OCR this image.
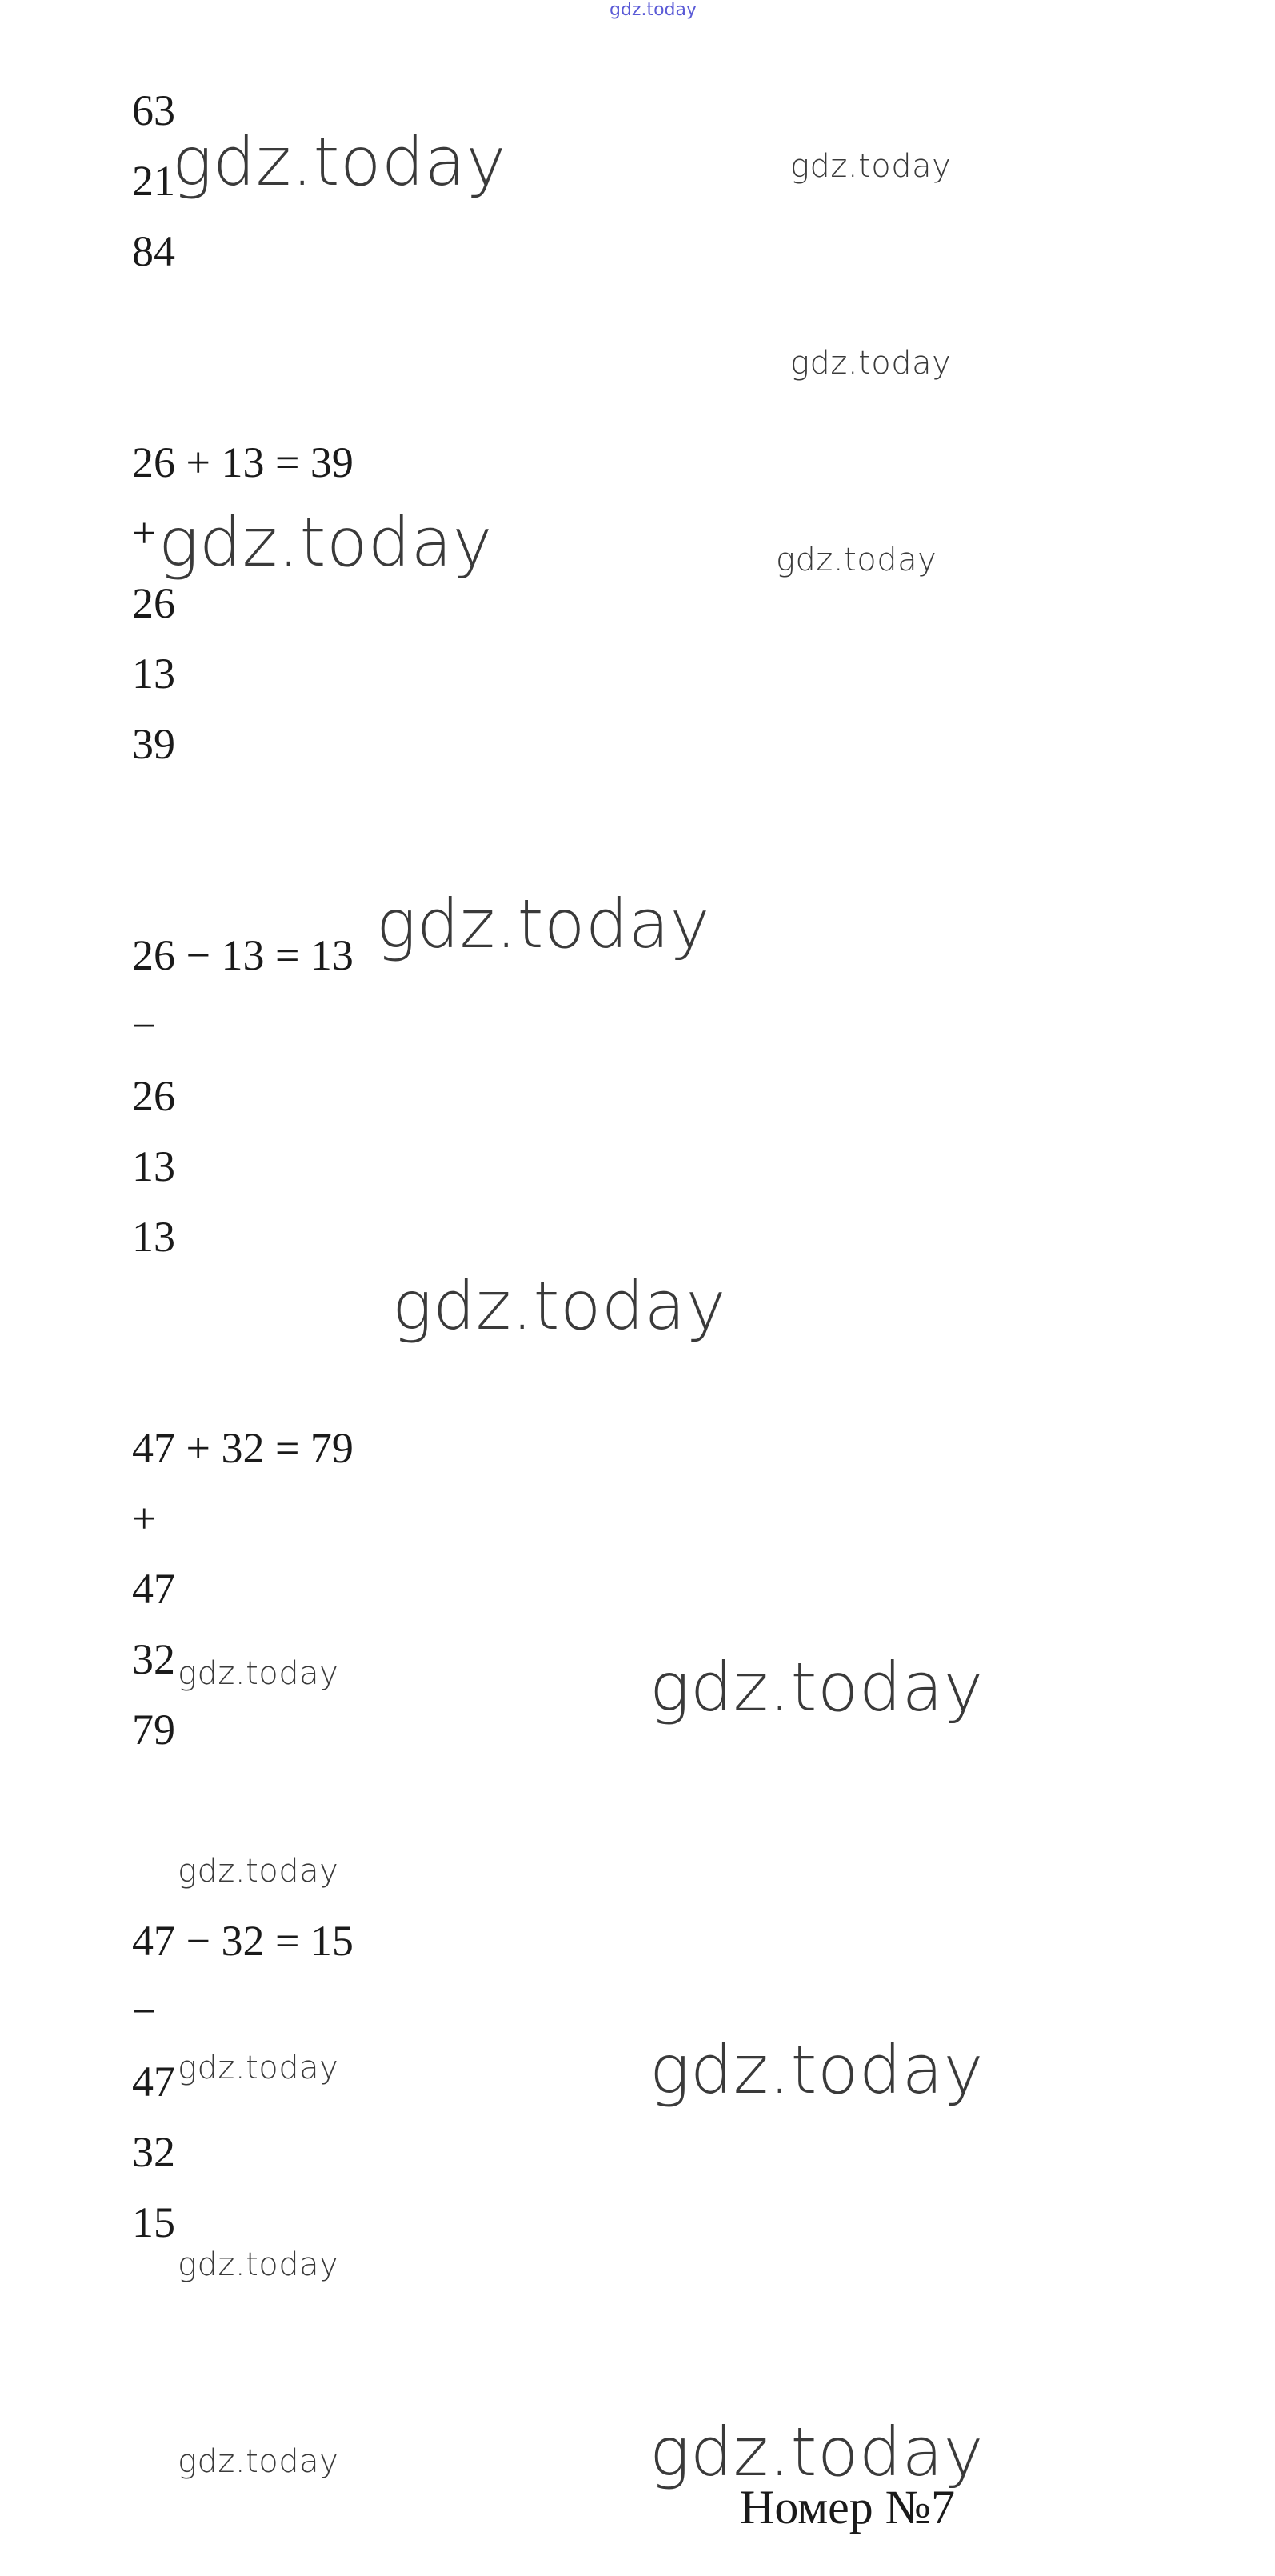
gdz.today
63
21
84
26 + 13 = 39
+
26
13
39
26 − 13 = 13
−
26
13
13
47 + 32 = 79
+
47
32
79
47 − 32 = 15
−
47
32
15
gdz.today	gdz.today
gdz.today
gdz.today	gdz.today
gdz.today
gdz.today
gdz.today	gdz.today
gdz.today
gdz.today	gdz.today
gdz.today
gdz.today	gdz.today
Номер №7
